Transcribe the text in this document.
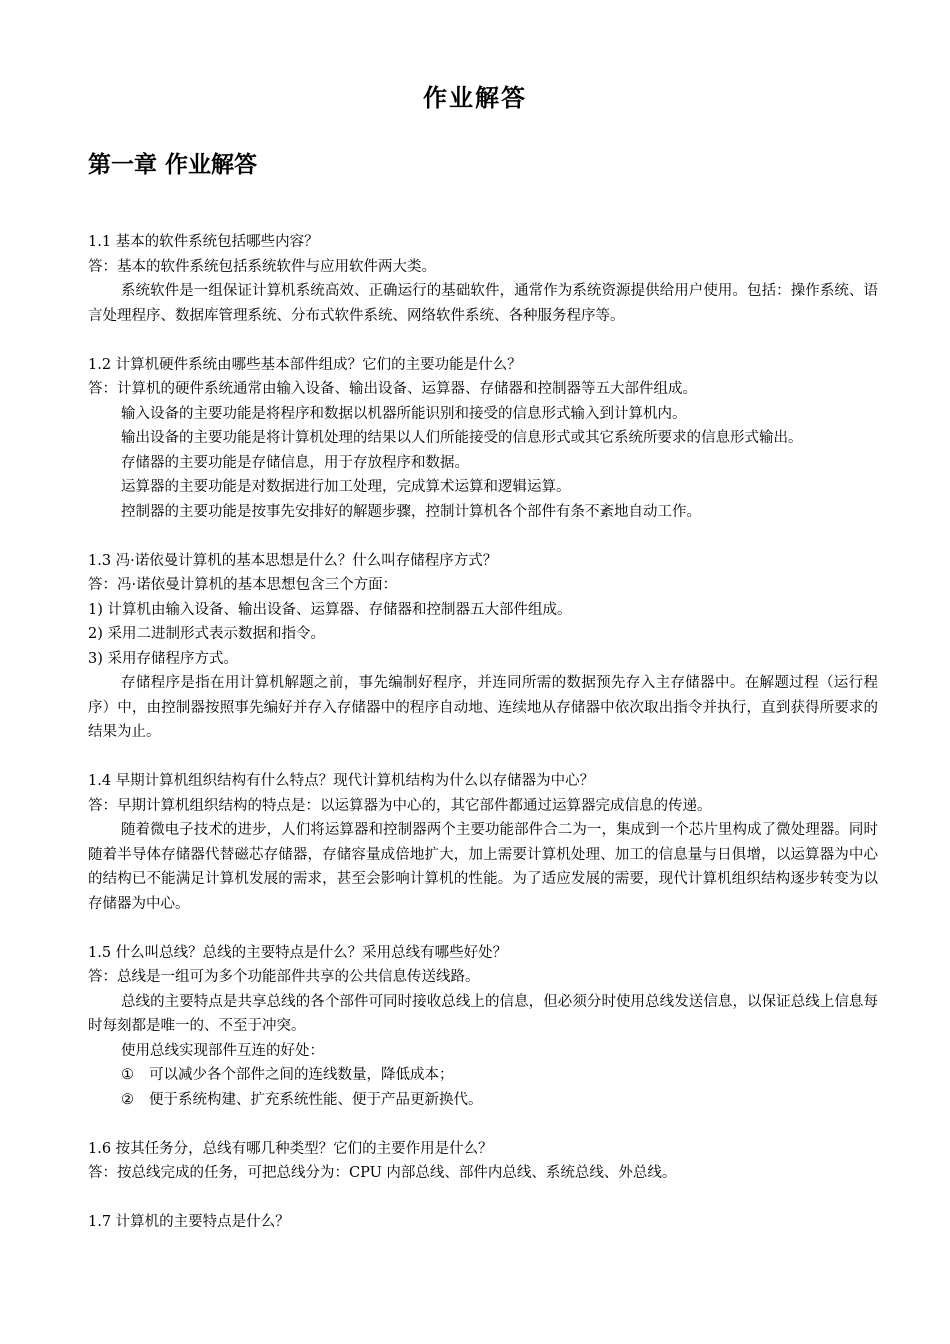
作业解答
第一章 作业解答
1.1 基本的软件系统包括哪些内容？
答：基本的软件系统包括系统软件与应用软件两大类。
系统软件是一组保证计算机系统高效、正确运行的基础软件，通常作为系统资源提供给用户使用。包括：操作系统、语言处理程序、数据库管理系统、分布式软件系统、网络软件系统、各种服务程序等。
1.2 计算机硬件系统由哪些基本部件组成？它们的主要功能是什么？
答：计算机的硬件系统通常由输入设备、输出设备、运算器、存储器和控制器等五大部件组成。
输入设备的主要功能是将程序和数据以机器所能识别和接受的信息形式输入到计算机内。
输出设备的主要功能是将计算机处理的结果以人们所能接受的信息形式或其它系统所要求的信息形式输出。
存储器的主要功能是存储信息，用于存放程序和数据。
运算器的主要功能是对数据进行加工处理，完成算术运算和逻辑运算。
控制器的主要功能是按事先安排好的解题步骤，控制计算机各个部件有条不紊地自动工作。
1.3 冯·诺依曼计算机的基本思想是什么？什么叫存储程序方式？
答：冯·诺依曼计算机的基本思想包含三个方面：
1) 计算机由输入设备、输出设备、运算器、存储器和控制器五大部件组成。
2) 采用二进制形式表示数据和指令。
3) 采用存储程序方式。
存储程序是指在用计算机解题之前，事先编制好程序，并连同所需的数据预先存入主存储器中。在解题过程（运行程序）中，由控制器按照事先编好并存入存储器中的程序自动地、连续地从存储器中依次取出指令并执行，直到获得所要求的结果为止。
1.4 早期计算机组织结构有什么特点？现代计算机结构为什么以存储器为中心？
答：早期计算机组织结构的特点是：以运算器为中心的，其它部件都通过运算器完成信息的传递。
随着微电子技术的进步，人们将运算器和控制器两个主要功能部件合二为一，集成到一个芯片里构成了微处理器。同时随着半导体存储器代替磁芯存储器，存储容量成倍地扩大，加上需要计算机处理、加工的信息量与日俱增，以运算器为中心的结构已不能满足计算机发展的需求，甚至会影响计算机的性能。为了适应发展的需要，现代计算机组织结构逐步转变为以存储器为中心。
1.5 什么叫总线？总线的主要特点是什么？采用总线有哪些好处？
答：总线是一组可为多个功能部件共享的公共信息传送线路。
总线的主要特点是共享总线的各个部件可同时接收总线上的信息，但必须分时使用总线发送信息，以保证总线上信息每时每刻都是唯一的、不至于冲突。
使用总线实现部件互连的好处：
① 可以减少各个部件之间的连线数量，降低成本；
② 便于系统构建、扩充系统性能、便于产品更新换代。
1.6 按其任务分，总线有哪几种类型？它们的主要作用是什么？
答：按总线完成的任务，可把总线分为：CPU 内部总线、部件内总线、系统总线、外总线。
1.7 计算机的主要特点是什么？
